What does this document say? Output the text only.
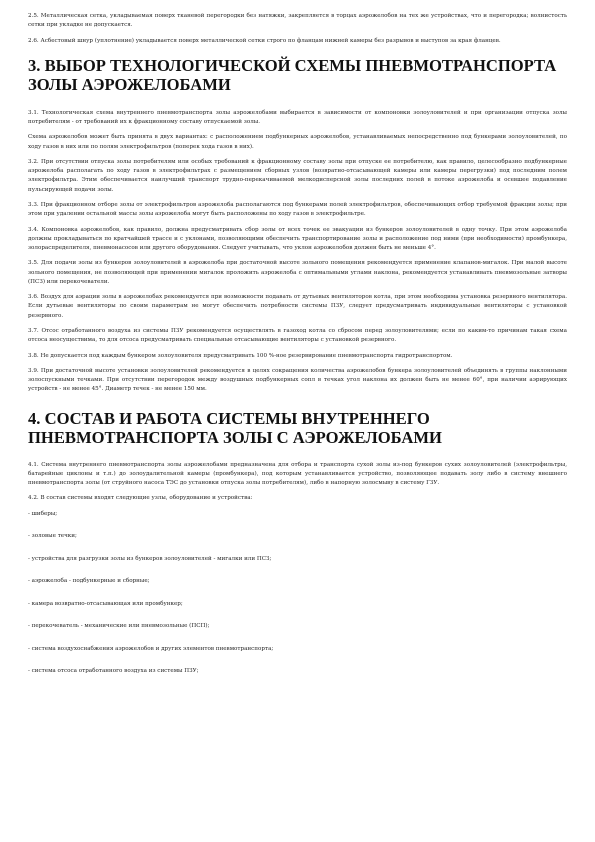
2.5. Металлическая сетка, укладываемая поверх тканевой перегородки без натяжки, закрепляется в торцах аэрожелобов на тех же устройствах, что и перегородка; волнистость сетки при укладке не допускается.

2.6. Асбестовый шнур (уплотнение) укладывается поверх металлической сетки строго по фланцам нижней камеры без разрывов и выступов за края фланцев.

3. ВЫБОР ТЕХНОЛОГИЧЕСКОЙ СХЕМЫ ПНЕВМОТРАНСПОРТА ЗОЛЫ АЭРОЖЕЛОБАМИ

3.1. Технологическая схема внутреннего пневмотранспорта золы аэрожелобами выбирается в зависимости от компоновки золоуловителей и при организации отпуска золы потребителям - от требований их к фракционному составу отпускаемой золы.

Схема аэрожелобов может быть принята в двух вариантах: с расположением подбункерных аэрожелобов, устанавливаемых непосредственно под бункерами золоуловителей, по ходу газов в них или по полям электрофильтров (поперек хода газов в них).

3.2. При отсутствии отпуска золы потребителям или особых требований к фракционному составу золы при отпуске ее потребителю, как правило, целесообразно подбункерные аэрожелоба располагать по ходу газов в электрофильтрах с размещением сборных узлов (возвратно-отсасывающей камеры или камеры перегрузки) под последним полем электрофильтра. Этим обеспечивается наилучший транспорт трудно-перекачиваемой мелкодисперсной золы последних полей в потоке аэрожелоба и осевшее подавление пульсирующей подачи золы.

3.3. При фракционном отборе золы от электрофильтров аэрожелоба располагаются под бункерами полей электрофильтров, обеспечивающих отбор требуемой фракции золы; при этом при удалении остальной массы золы аэрожелоба могут быть расположены по ходу газов в электрофильтре.

3.4. Компоновка аэрожелобов, как правило, должна предусматривать сбор золы от всех точек ее эвакуации из бункеров золоуловителей в одну точку. При этом аэрожелоба должны прокладываться по кратчайшей трассе и с уклонами, позволяющими обеспечить транспортирование золы и расположение под ними (при необходимости) промбункера, золораспределителя, пневмонасосов или другого оборудования. Следует учитывать, что уклон аэрожелобов должен быть не меньше 4°.

3.5. Для подачи золы из бункеров золоуловителей в аэрожелоба при достаточной высоте зольного помещения рекомендуется применение клапанов-мигалок. При малой высоте зольного помещения, не позволяющей при применении мигалок проложить аэрожелоба с оптимальными углами наклона, рекомендуется устанавливать пневмозольные затворы (ПСЗ) или перекочеватели.

3.6. Воздух для аэрации золы в аэрожелобах рекомендуется при возможности подавать от дутьевых вентиляторов котла, при этом необходима установка резервного вентилятора. Если дутьевые вентиляторы по своим параметрам не могут обеспечить потребности системы ПЗУ, следует предусматривать индивидуальные вентиляторы с установкой резервного.

3.7. Отсос отработанного воздуха из системы ПЗУ рекомендуется осуществлять в газоход котла со сбросом перед золоуловителями; если по каким-то причинам такая схема отсоса неосуществима, то для отсоса предусматривать специальные отсасывающие вентиляторы с установкой резервного.

3.8. Не допускается под каждым бункером золоуловителя предусматривать 100 %-ное резервирование пневмотранспорта гидротранспортом.

3.9. При достаточной высоте установки золоуловителей рекомендуется в целях сокращения количества аэрожелобов бункера золоуловителей объединять в группы наклонными золоспускными течками. При отсутствии перегородок между воздушных подбункерных сопл в течках угол наклона их должен быть не менее 60°, при наличии аэрирующих устройств - не менее 45°. Диаметр течек - не менее 150 мм.

4. СОСТАВ И РАБОТА СИСТЕМЫ ВНУТРЕННЕГО ПНЕВМОТРАНСПОРТА ЗОЛЫ С АЭРОЖЕЛОБАМИ

4.1. Система внутреннего пневмотранспорта золы аэрожелобами предназначена для отбора и транспорта сухой золы из-под бункеров сухих золоуловителей (электрофильтры, батарейные циклоны и т.п.) до золоудалительной камеры (промбункера), под которым устанавливается устройство, позволяющее подавать золу либо в систему внешнего пневмотранспорта золы (от струйного насоса ТЭС до установки отпуска золы потребителям), либо в напорную золосмыву в систему ГЗУ.

4.2. В состав системы входят следующие узлы, оборудование и устройства:

- шиберы;

- золовые течки;

- устройства для разгрузки золы из бункеров золоуловителей - мигалки или ПСЗ;

- аэрожелоба - подбункерные и сборные;

- камера возвратно-отсасывающая или промбункер;

- перекочеватель - механические или пневмозольные (ПСП);

- система воздухоснабжения аэрожелобов и других элементов пневмотранспорта;

- система отсоса отработанного воздуха из системы ПЗУ;
